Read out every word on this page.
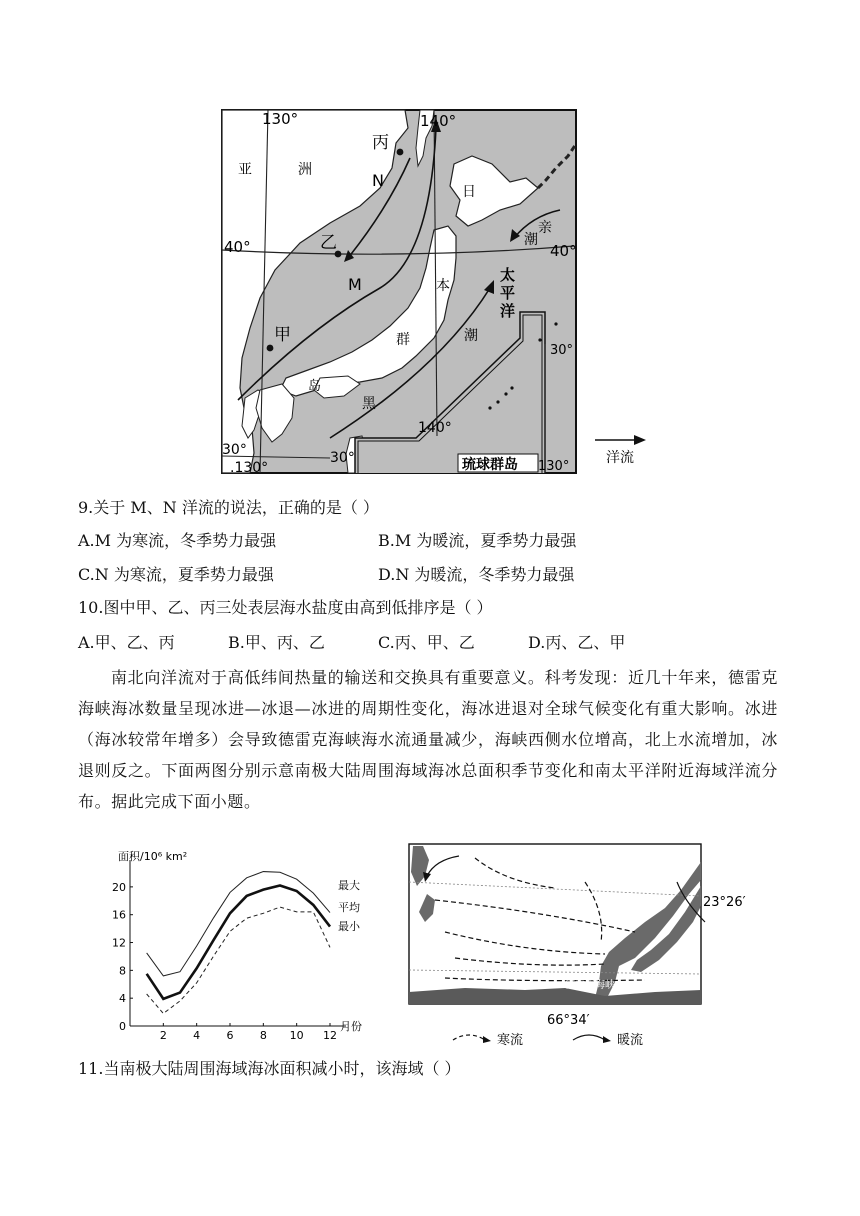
130°	140°
40°	40°
30°
.130°
30°
140°
30°
130°
亚	洲
丙
N
乙
M
甲
日
本
群
岛
黑
亲
潮
潮
太
平
洋
琉球群岛	洋流
9.关于 M、N 洋流的说法，正确的是（ ）
A.M 为寒流，冬季势力最强	B.M 为暖流，夏季势力最强
C.N 为寒流，夏季势力最强	D.N 为暖流，冬季势力最强
10.图中甲、乙、丙三处表层海水盐度由高到低排序是（ ）
A.甲、乙、丙	B.甲、丙、乙	C.丙、甲、乙	D.丙、乙、甲
南北向洋流对于高低纬间热量的输送和交换具有重要意义。科考发现：近几十年来，德雷克海峡海冰数量呈现冰进—冰退—冰进的周期性变化，海冰进退对全球气候变化有重大影响。冰进（海冰较常年增多）会导致德雷克海峡海水流通量减少，海峡西侧水位增高，北上水流增加，冰退则反之。下面两图分别示意南极大陆周围海域海冰总面积季节变化和南太平洋附近海域洋流分布。据此完成下面小题。
面积/10⁶ km²
月份
0
4
8
12
16
20
2 4 6 8 10 12
最大
平均
最小
德雷克海峡
23°26′
66°34′
寒流	暖流
11.当南极大陆周围海域海冰面积减小时，该海域（ ）
